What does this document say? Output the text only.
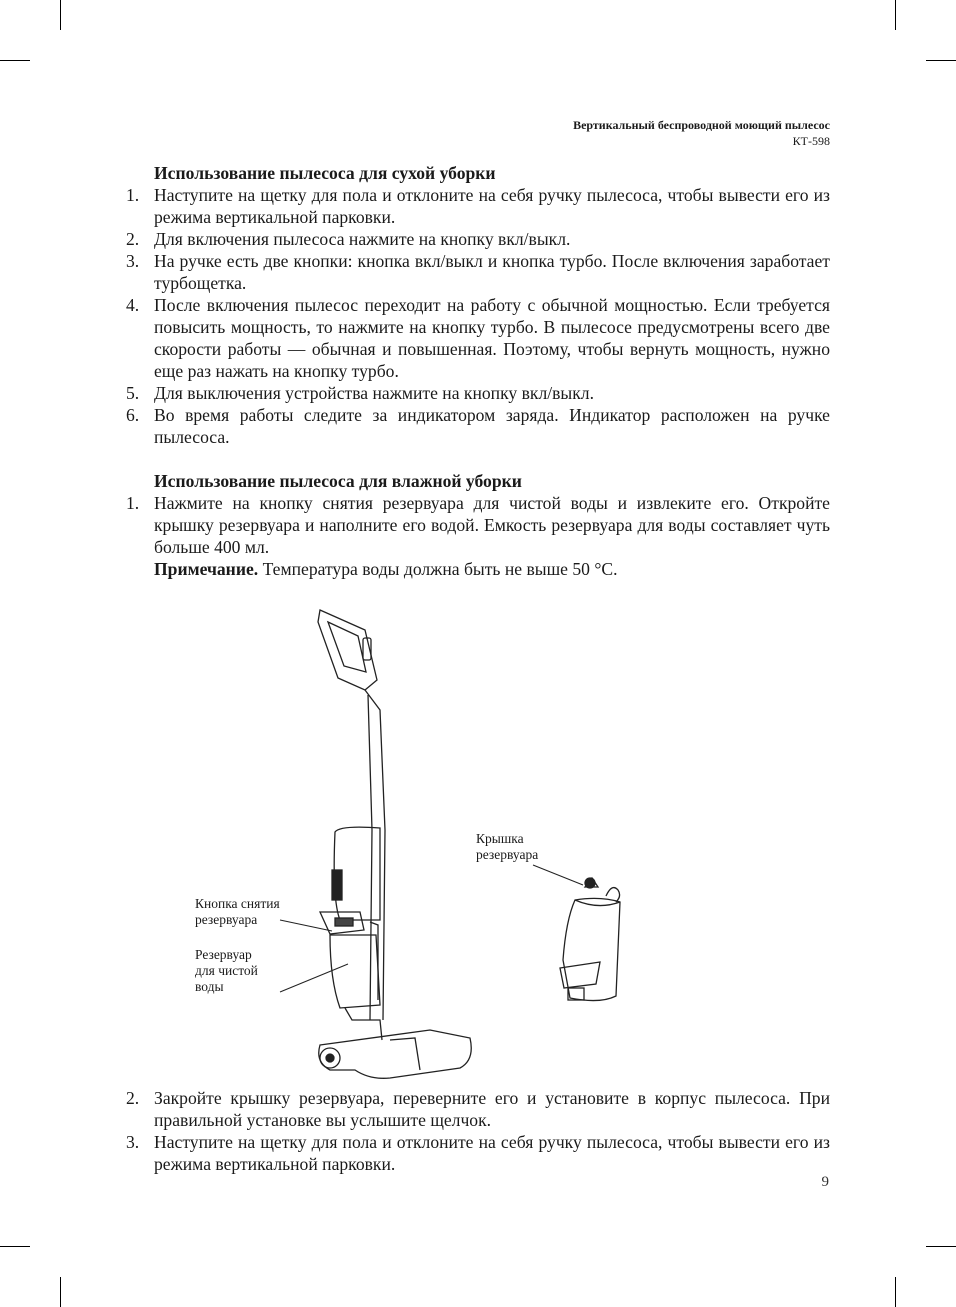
Вертикальный беспроводной моющий пылесос
КТ-598
Использование пылесоса для сухой уборки
1. Наступите на щетку для пола и отклоните на себя ручку пылесоса, чтобы вывести его из режима вертикальной парковки.
2. Для включения пылесоса нажмите на кнопку вкл/выкл.
3. На ручке есть две кнопки: кнопка вкл/выкл и кнопка турбо. После включения заработает турбощетка.
4. После включения пылесос переходит на работу с обычной мощностью. Если требуется повысить мощность, то нажмите на кнопку турбо. В пылесосе предусмотрены всего две скорости работы — обычная и повышенная. Поэтому, чтобы вернуть мощность, нужно еще раз нажать на кнопку турбо.
5. Для выключения устройства нажмите на кнопку вкл/выкл.
6. Во время работы следите за индикатором заряда. Индикатор расположен на ручке пылесоса.
Использование пылесоса для влажной уборки
1. Нажмите на кнопку снятия резервуара для чистой воды и извлеките его. Откройте крышку резервуара и наполните его водой. Емкость резервуара для воды составляет чуть больше 400 мл.
Примечание. Температура воды должна быть не выше 50 °C.
Крышка
резервуара
Кнопка снятия
резервуара
Резервуар
для чистой
воды
2. Закройте крышку резервуара, переверните его и установите в корпус пылесоса. При правильной установке вы услышите щелчок.
3. Наступите на щетку для пола и отклоните на себя ручку пылесоса, чтобы вывести его из режима вертикальной парковки.
9
